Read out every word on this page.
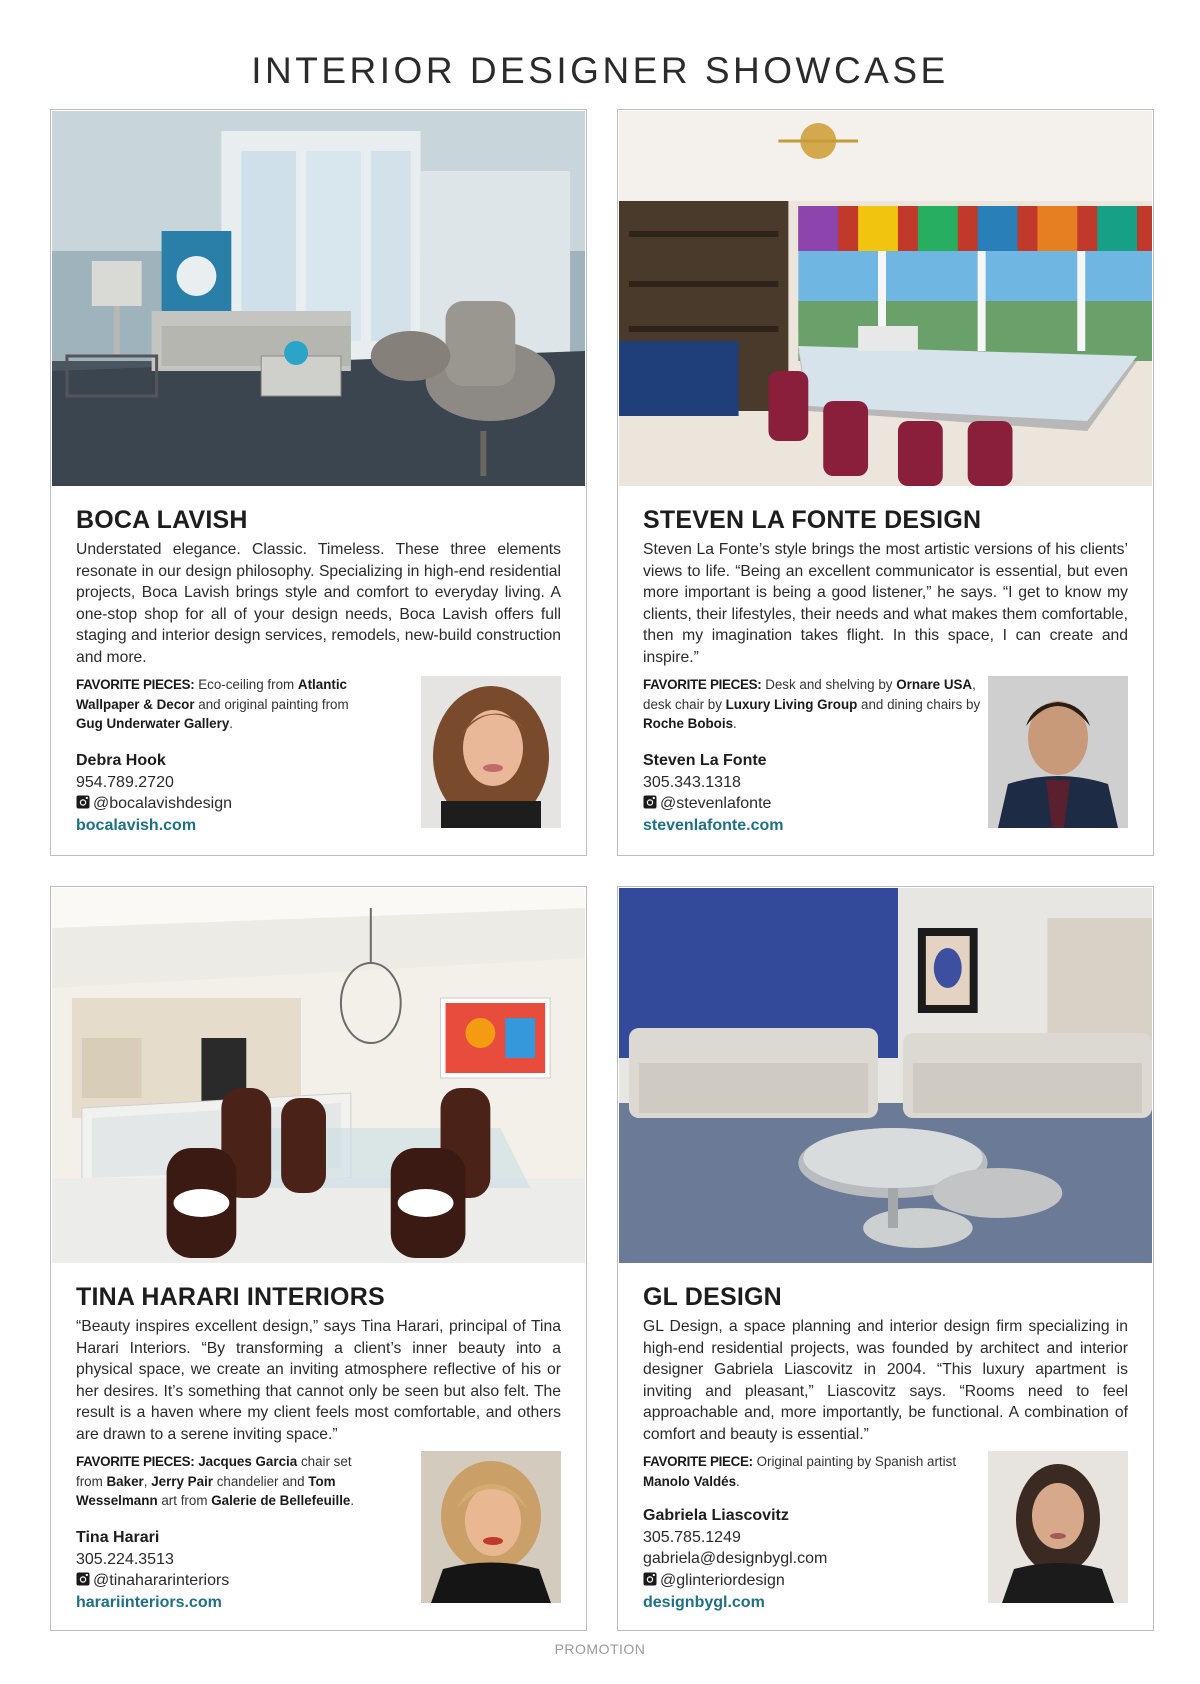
INTERIOR DESIGNER SHOWCASE
BOCA LAVISH

Understated elegance. Classic. Timeless. These three elements resonate in our design philosophy. Specializing in high-end residential projects, Boca Lavish brings style and comfort to everyday living. A one-stop shop for all of your design needs, Boca Lavish offers full staging and interior design services, remodels, new-build construction and more.

FAVORITE PIECES: Eco-ceiling from Atlantic Wallpaper & Decor and original painting from Gug Underwater Gallery.
Debra Hook
954.789.2720
@bocalavishdesign
bocalavish.com
STEVEN LA FONTE DESIGN

Steven La Fonte’s style brings the most artistic versions of his clients’ views to life. “Being an excellent communicator is essential, but even more important is being a good listener,” he says. “I get to know my clients, their lifestyles, their needs and what makes them comfortable, then my imagination takes flight. In this space, I can create and inspire.”

FAVORITE PIECES: Desk and shelving by Ornare USA, desk chair by Luxury Living Group and dining chairs by Roche Bobois.
Steven La Fonte
305.343.1318
@stevenlafonte
stevenlafonte.com
TINA HARARI INTERIORS

“Beauty inspires excellent design,” says Tina Harari, principal of Tina Harari Interiors. “By transforming a client’s inner beauty into a physical space, we create an inviting atmosphere reflective of his or her desires. It’s something that cannot only be seen but also felt. The result is a haven where my client feels most comfortable, and others are drawn to a serene inviting space.”

FAVORITE PIECES: Jacques Garcia chair set from Baker, Jerry Pair chandelier and Tom Wesselmann art from Galerie de Bellefeuille.
Tina Harari
305.224.3513
@tinahararinteriors
harariinteriors.com
GL DESIGN

GL Design, a space planning and interior design firm specializing in high-end residential projects, was founded by architect and interior designer Gabriela Liascovitz in 2004. “This luxury apartment is inviting and pleasant,” Liascovitz says. “Rooms need to feel approachable and, more importantly, be functional. A combination of comfort and beauty is essential.”

FAVORITE PIECE: Original painting by Spanish artist Manolo Valdés.
Gabriela Liascovitz
305.785.1249
gabriela@designbygl.com
@glinteriordesign
designbygl.com
PROMOTION
